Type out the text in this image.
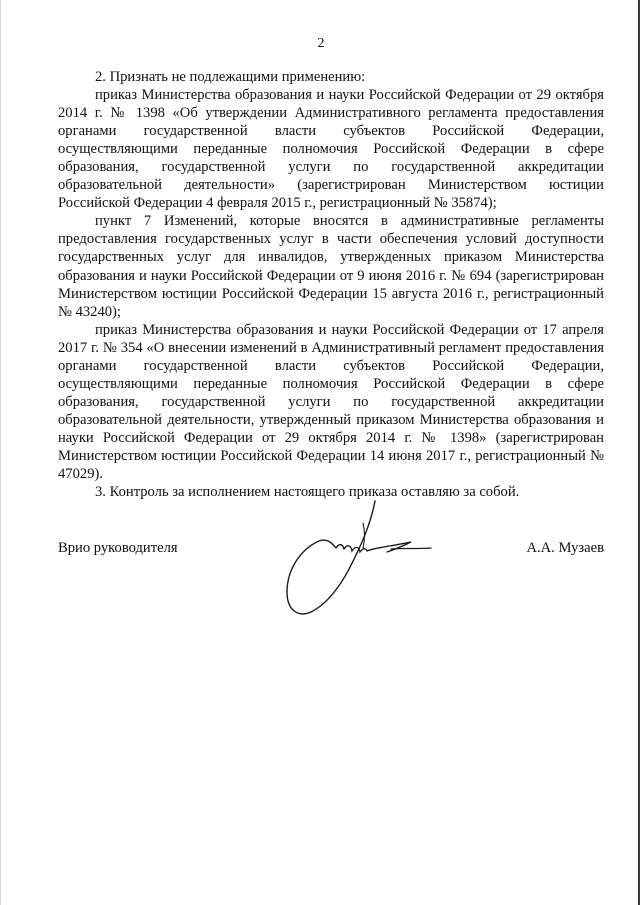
2

2. Признать не подлежащими применению:

приказ Министерства образования и науки Российской Федерации от 29 октября 2014 г. № 1398 «Об утверждении Административного регламента предоставления органами государственной власти субъектов Российской Федерации, осуществляющими переданные полномочия Российской Федерации в сфере образования, государственной услуги по государственной аккредитации образовательной деятельности» (зарегистрирован Министерством юстиции Российской Федерации 4 февраля 2015 г., регистрационный № 35874);

пункт 7 Изменений, которые вносятся в административные регламенты предоставления государственных услуг в части обеспечения условий доступности государственных услуг для инвалидов, утвержденных приказом Министерства образования и науки Российской Федерации от 9 июня 2016 г. № 694 (зарегистрирован Министерством юстиции Российской Федерации 15 августа 2016 г., регистрационный № 43240);

приказ Министерства образования и науки Российской Федерации от 17 апреля 2017 г. № 354 «О внесении изменений в Административный регламент предоставления органами государственной власти субъектов Российской Федерации, осуществляющими переданные полномочия Российской Федерации в сфере образования, государственной услуги по государственной аккредитации образовательной деятельности, утвержденный приказом Министерства образования и науки Российской Федерации от 29 октября 2014 г. № 1398» (зарегистрирован Министерством юстиции Российской Федерации 14 июня 2017 г., регистрационный № 47029).

3. Контроль за исполнением настоящего приказа оставляю за собой.

Врио руководителя	А.А. Музаев
